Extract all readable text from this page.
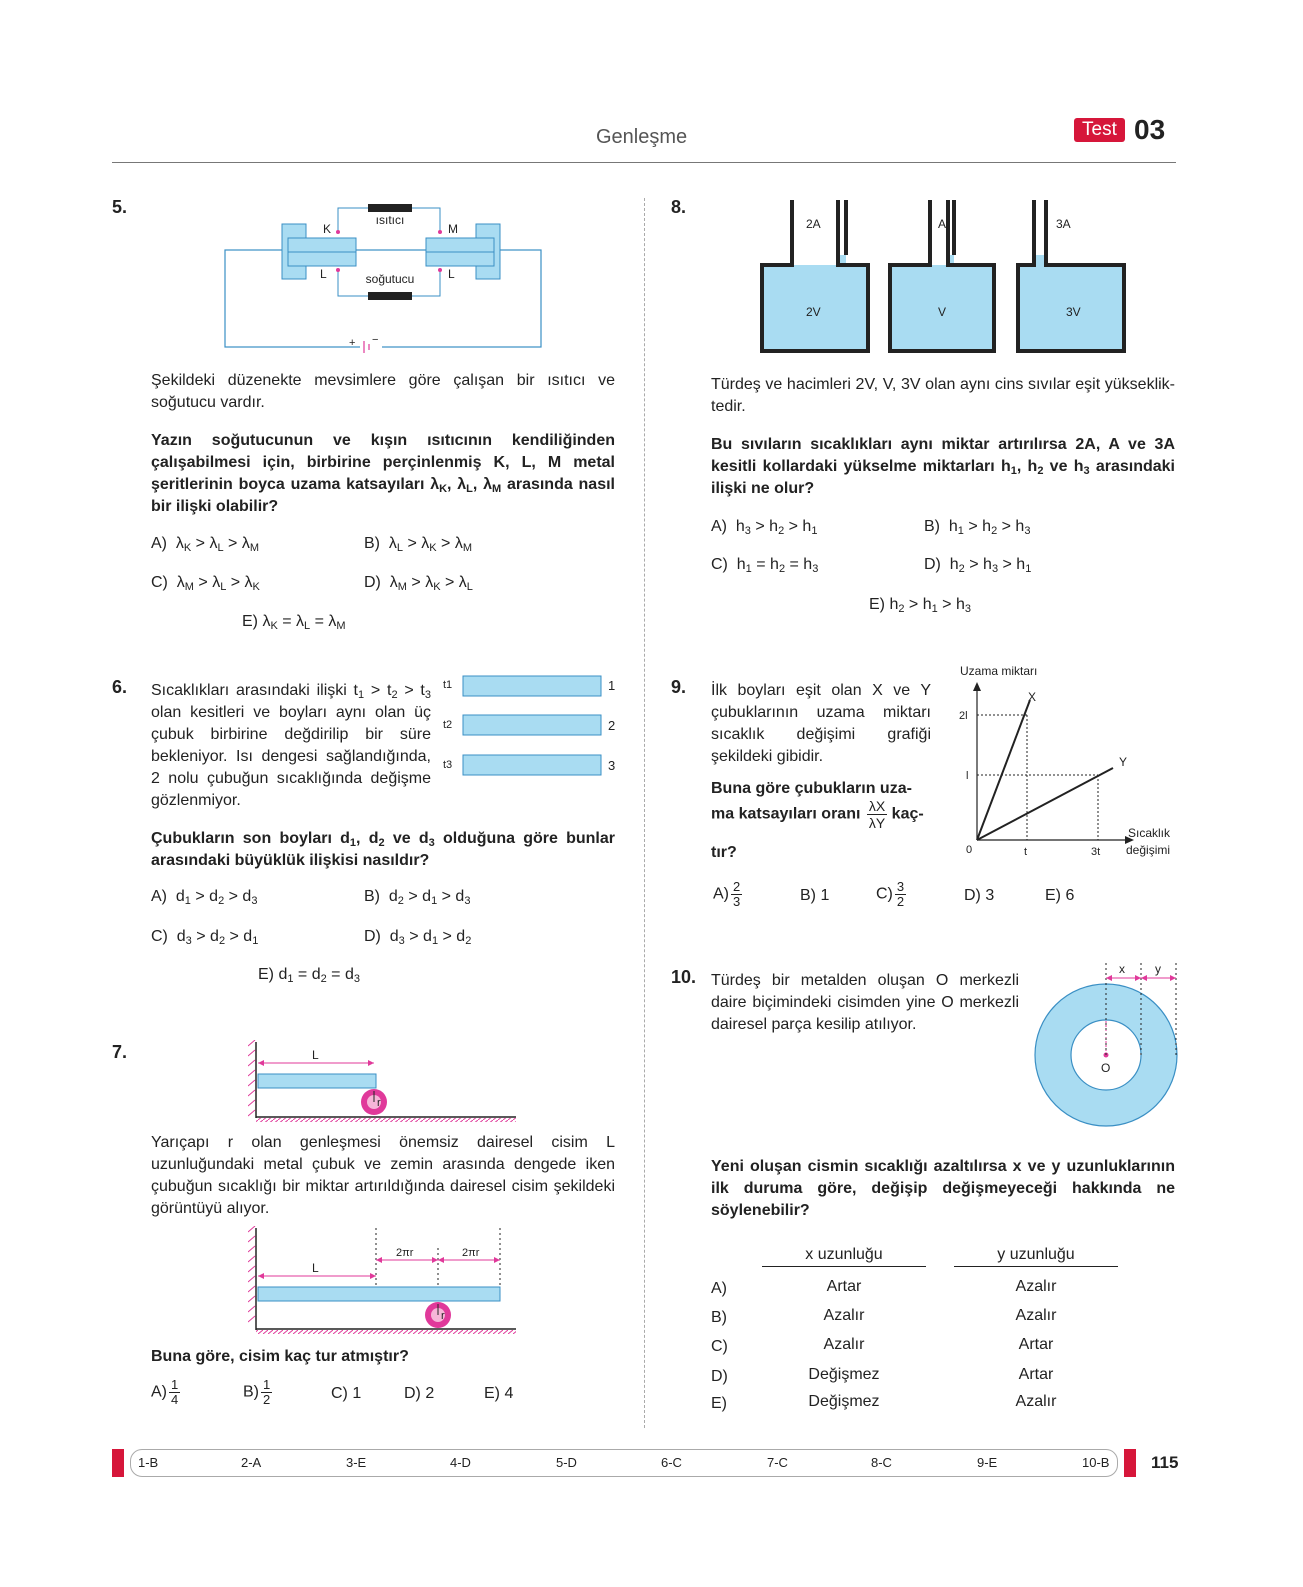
Genleşme	Test 03
5.
ısıtıcı
soğutucu
K	M
L	L
+ −
Şekildeki düzenekte mevsimlere göre çalışan bir ısıtıcı ve soğutucu vardır.
Yazın soğutucunun ve kışın ısıtıcının kendiliğinden çalışabilmesi için, birbirine perçinlenmiş K, L, M metal şeritlerinin boyca uzama katsayıları $\lambda_K$, $\lambda_L$, $\lambda_M$ arasında nasıl bir ilişki olabilir?
A)  $\lambda_K > \lambda_L > \lambda_M$	B)  $\lambda_L > \lambda_K > \lambda_M$
C)  $\lambda_M > \lambda_L > \lambda_K$	D)  $\lambda_M > \lambda_K > \lambda_L$
E) $\lambda_K = \lambda_L = \lambda_M$
6. Sıcaklıkları arasındaki ilişki $t_1 > t_2 > t_3$ olan kesitleri ve boyları aynı olan üç çubuk birbirine değdirilip bir süre bekleniyor. Isı dengesi sağlandığında, 2 nolu çubuğun sıcaklığında değişme gözlenmiyor.
t1
t2
t3
1
2
3
Çubukların son boyları $d_1$, $d_2$ ve $d_3$ olduğuna göre bunlar arasındaki büyüklük ilişkisi nasıldır?
A)  $d_1 > d_2 > d_3$	B)  $d_2 > d_1 > d_3$
C)  $d_3 > d_2 > d_1$	D)  $d_3 > d_1 > d_2$
E) $d_1 = d_2 = d_3$
7.	L
r
Yarıçapı r olan genleşmesi önemsiz dairesel cisim L uzunluğundaki metal çubuk ve zemin arasında dengede iken çubuğun sıcaklığı bir miktar artırıldığında dairesel cisim şekildeki görüntüyü alıyor.
L
2πr	2πr
r
Buna göre, cisim kaç tur atmıştır?
$A) \frac{1}{4}$	$B) \frac{1}{2}$	C) 1	D) 2	E) 4
8.
2A	A	3A
2V	V	3V
Türdeş ve hacimleri 2V, V, 3V olan aynı cins sıvılar eşit yüksekliktedir.
Bu sıvıların sıcaklıkları aynı miktar artırılırsa 2A, A ve 3A kesitli kollardaki yükselme miktarları $h_1$, $h_2$ ve $h_3$ arasındaki ilişki ne olur?
A)  $h_3 > h_2 > h_1$	B)  $h_1 > h_2 > h_3$
C)  $h_1 = h_2 = h_3$	D)  $h_2 > h_3 > h_1$
E) $h_2 > h_1 > h_3$
9. İlk boyları eşit olan X ve Y çubuklarının uzama miktarı sıcaklık değişimi grafiği şekildeki gibidir.
Buna göre çubukların uza-
ma katsayıları oranı $\frac{\lambda X}{\lambda Y}$ kaç-
tır?
Uzama miktarı
Sıcaklık
değişimi
2l
l
t	3t
0
X
Y
$A) \frac{2}{3}$	B) 1	$C) \frac{3}{2}$	D) 3	E) 6
10. Türdeş bir metalden oluşan O merkezli daire biçimindeki cisimden yine O merkezli dairesel parça kesilip atılıyor.
x	y
O
Yeni oluşan cismin sıcaklığı azaltılırsa x ve y uzunluklarının ilk duruma göre, değişip değişmeyeceği hakkında ne söylenebilir?
x uzunluğu	y uzunluğu
A)	Artar	Azalır
B)	Azalır	Azalır
C)	Azalır	Artar
D)	Değişmez	Artar
E)	Değişmez	Azalır
1-B	2-A	3-E	4-D	5-D	6-C	7-C	8-C	9-E	10-B 115
